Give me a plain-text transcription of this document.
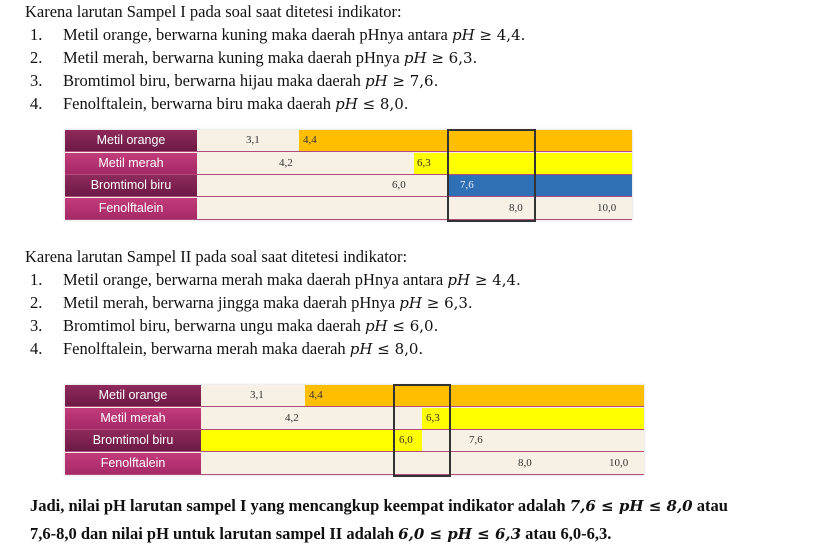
Karena larutan Sampel I pada soal saat ditetesi indikator:
1. Metil orange, berwarna kuning maka daerah pHnya antara pH ≥ 4,4.
2. Metil merah, berwarna kuning maka daerah pHnya pH ≥ 6,3.
3. Bromtimol biru, berwarna hijau maka daerah pH ≥ 7,6.
4. Fenolftalein, berwarna biru maka daerah pH ≤ 8,0.
Metil orange	3,1	4,4
Metil merah	4,2	6,3
Bromtimol biru	6,0	7,6
Fenolftalein	8,0	10,0
Karena larutan Sampel II pada soal saat ditetesi indikator:
1. Metil orange, berwarna merah maka daerah pHnya antara pH ≥ 4,4.
2. Metil merah, berwarna jingga maka daerah pHnya pH ≥ 6,3.
3. Bromtimol biru, berwarna ungu maka daerah pH ≤ 6,0.
4. Fenolftalein, berwarna merah maka daerah pH ≤ 8,0.
Metil orange	3,1	4,4
Metil merah	4,2	6,3
Bromtimol biru	6,0	7,6
Fenolftalein	8,0	10,0
Jadi, nilai pH larutan sampel I yang mencangkup keempat indikator adalah 7,6 ≤ pH ≤ 8,0 atau
7,6-8,0 dan nilai pH untuk larutan sampel II adalah 6,0 ≤ pH ≤ 6,3 atau 6,0-6,3.
